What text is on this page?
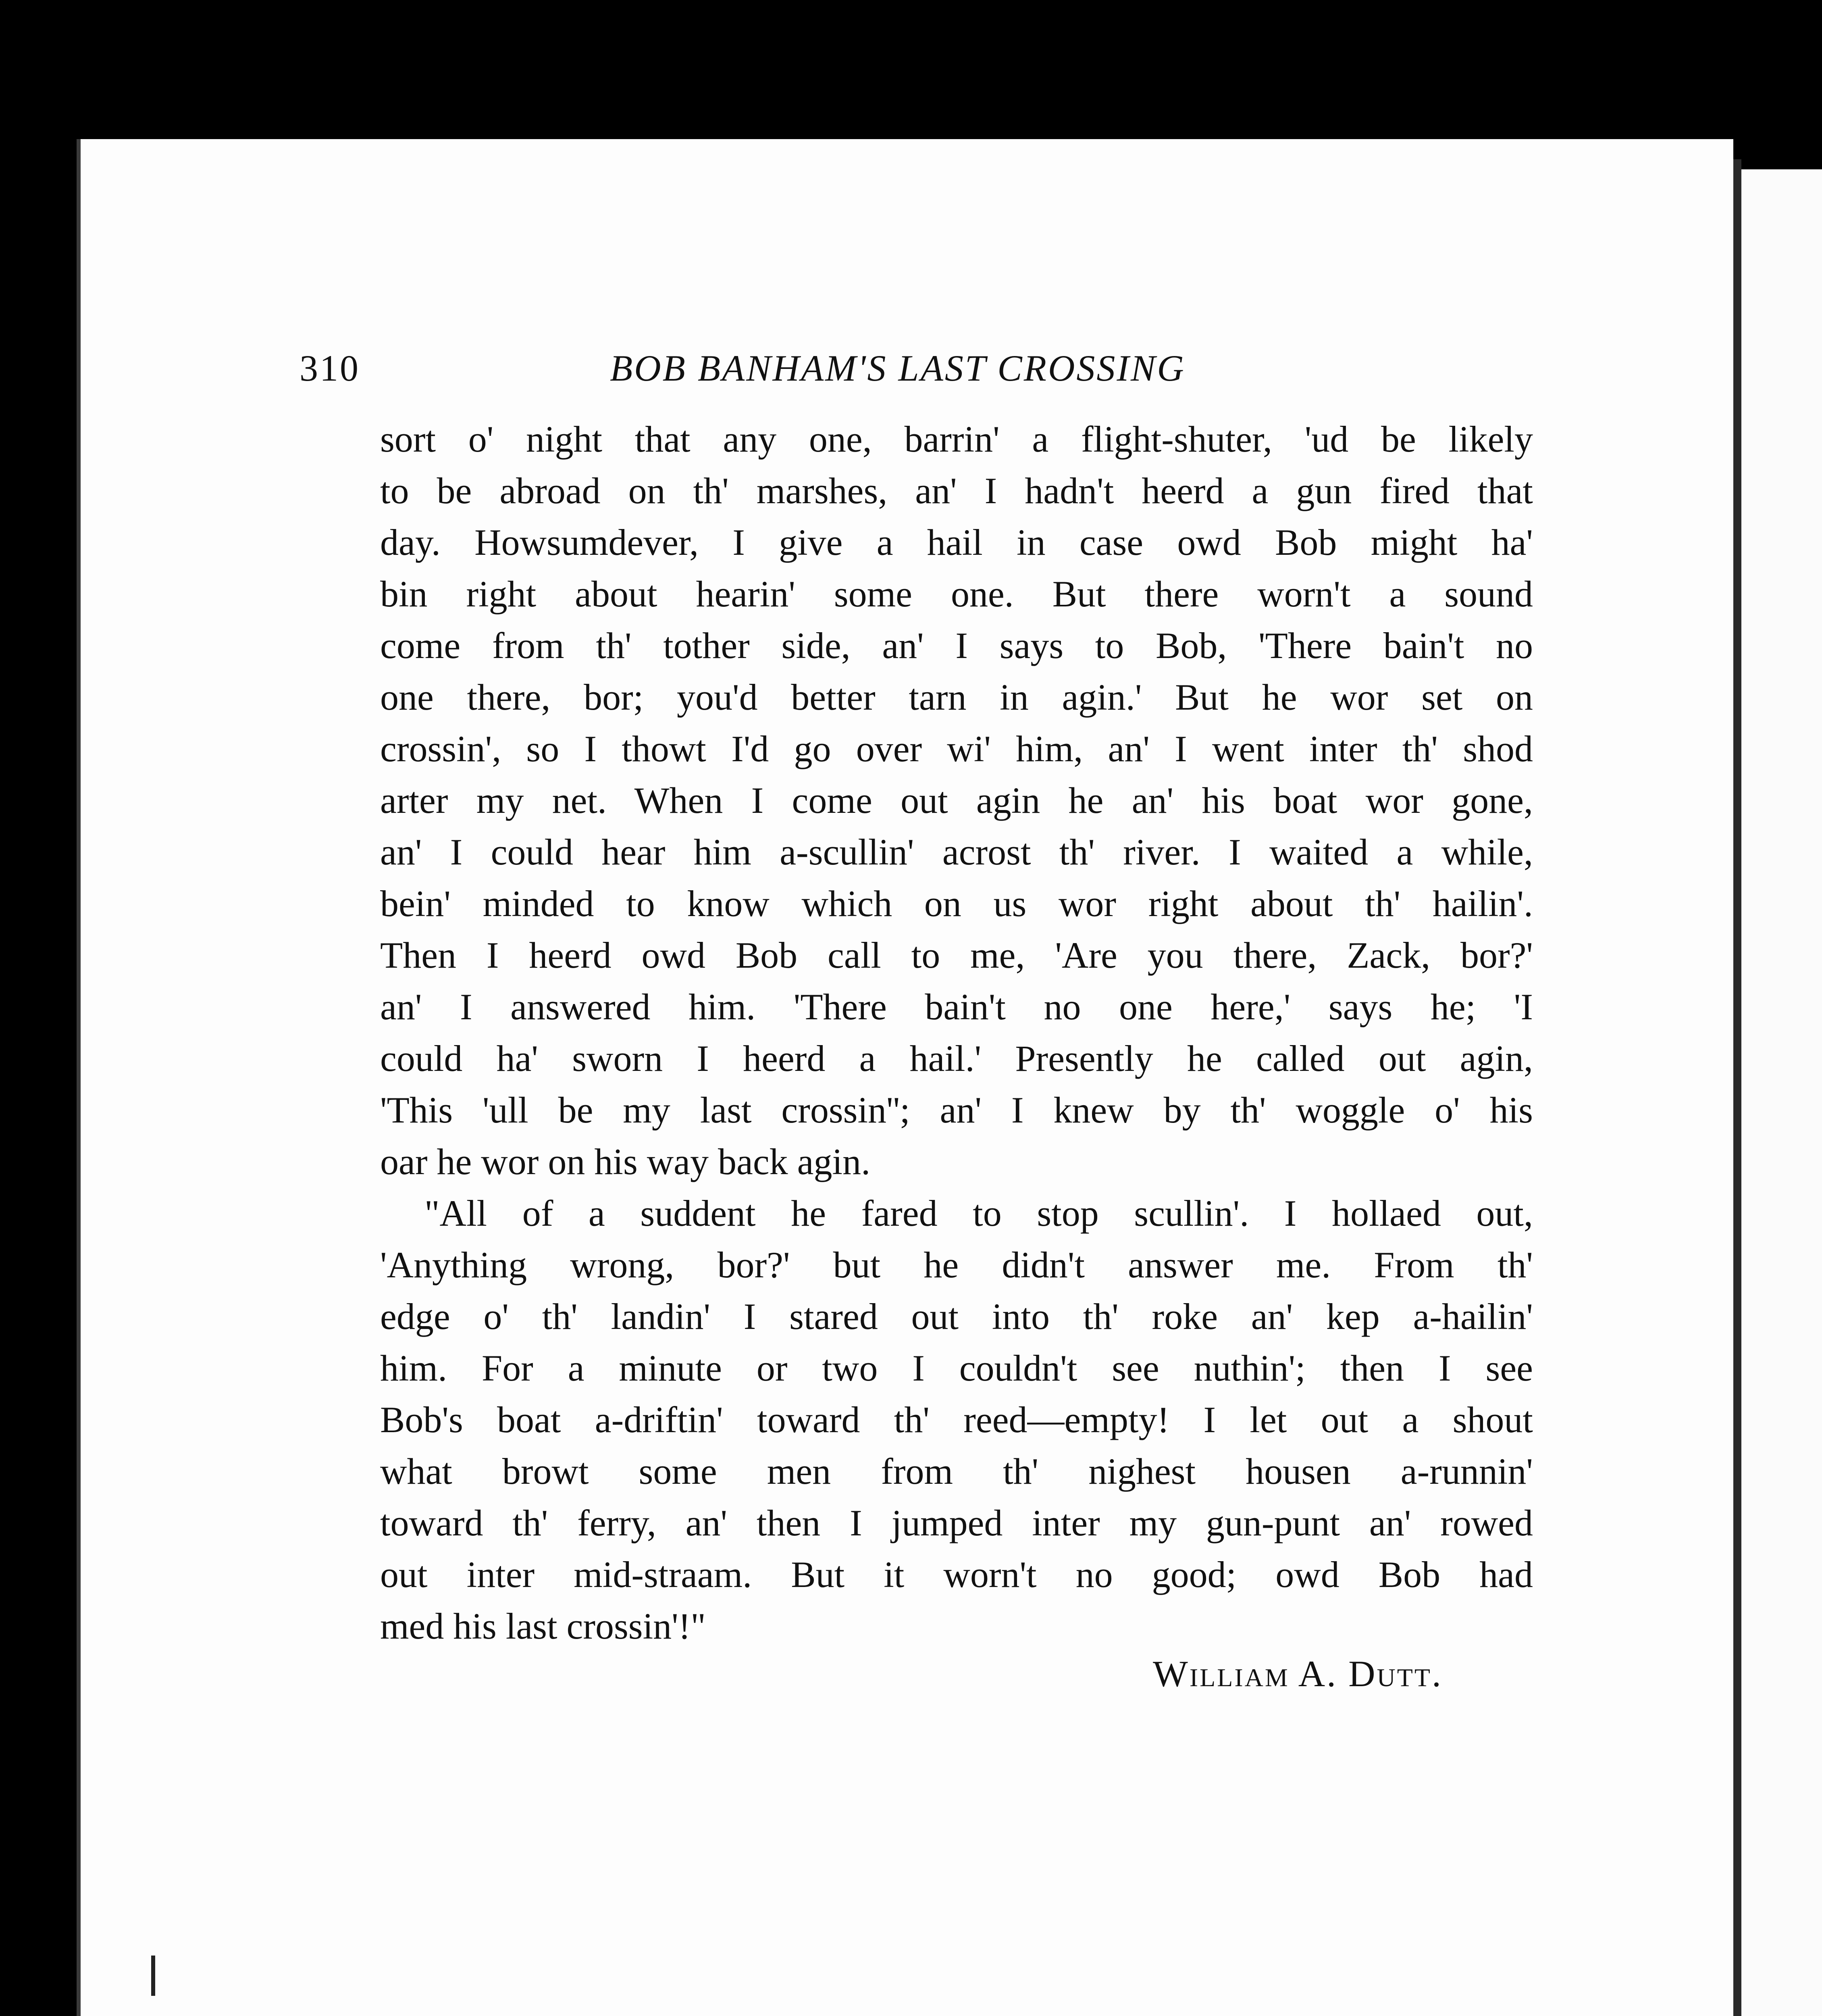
310	BOB BANHAM'S LAST CROSSING
sort o' night that any one, barrin' a flight-shuter, 'ud be likely
to be abroad on th' marshes, an' I hadn't heerd a gun fired that
day. Howsumdever, I give a hail in case owd Bob might ha'
bin right about hearin' some one. But there worn't a sound
come from th' tother side, an' I says to Bob, 'There bain't no
one there, bor; you'd better tarn in agin.' But he wor set on
crossin', so I thowt I'd go over wi' him, an' I went inter th' shod
arter my net. When I come out agin he an' his boat wor gone,
an' I could hear him a-scullin' acrost th' river. I waited a while,
bein' minded to know which on us wor right about th' hailin'.
Then I heerd owd Bob call to me, 'Are you there, Zack, bor?'
an' I answered him. 'There bain't no one here,' says he; 'I
could ha' sworn I heerd a hail.' Presently he called out agin,
'This 'ull be my last crossin''; an' I knew by th' woggle o' his
oar he wor on his way back agin.
"All of a suddent he fared to stop scullin'. I hollaed out,
'Anything wrong, bor?' but he didn't answer me. From th'
edge o' th' landin' I stared out into th' roke an' kep a-hailin'
him. For a minute or two I couldn't see nuthin'; then I see
Bob's boat a-driftin' toward th' reed—empty! I let out a shout
what browt some men from th' nighest housen a-runnin'
toward th' ferry, an' then I jumped inter my gun-punt an' rowed
out inter mid-straam. But it worn't no good; owd Bob had
med his last crossin'!"
William A. Dutt.
